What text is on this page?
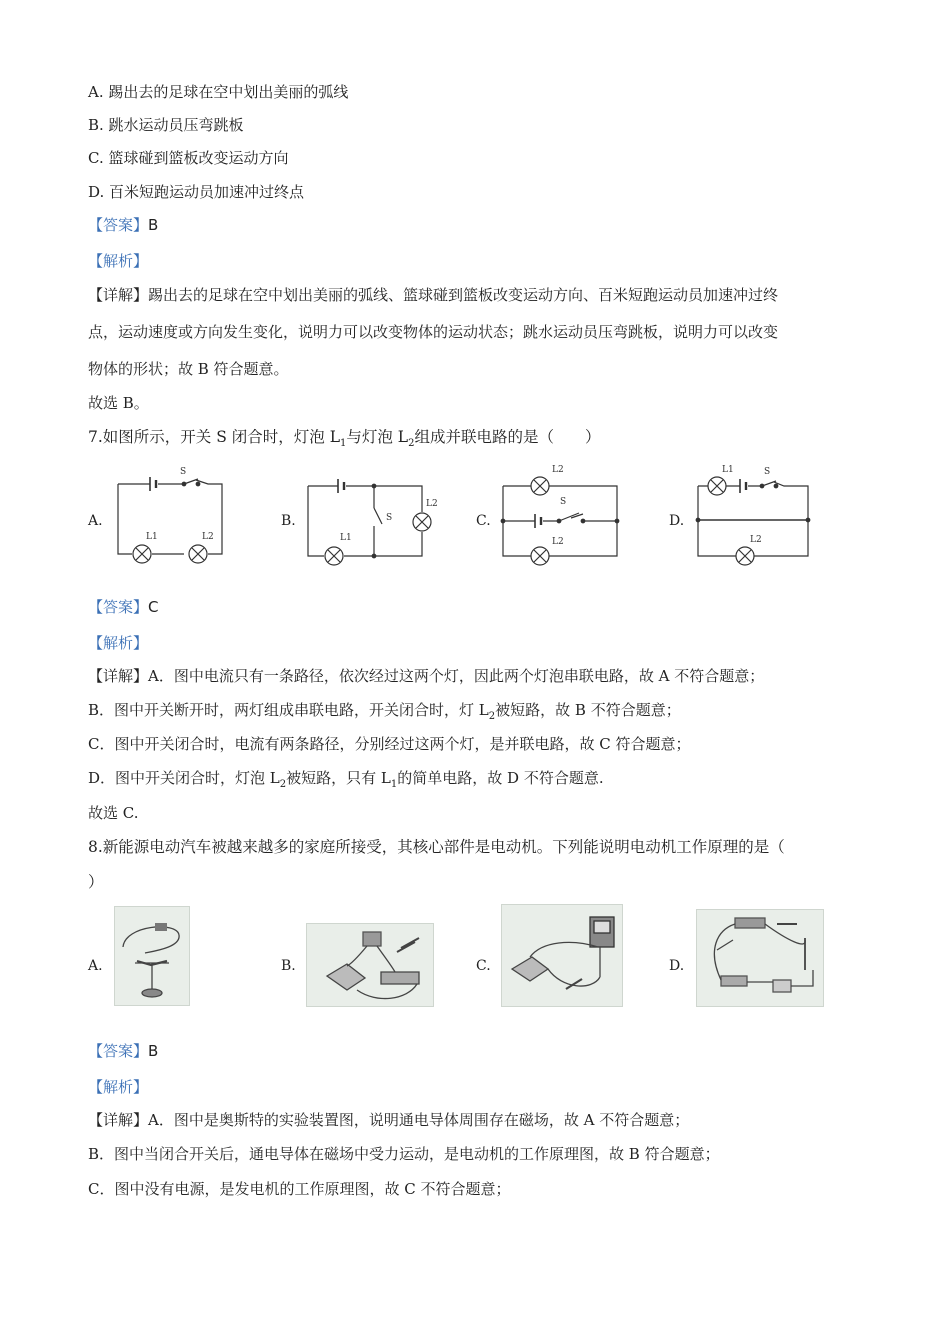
A. 踢出去的足球在空中划出美丽的弧线
B. 跳水运动员压弯跳板
C. 篮球碰到篮板改变运动方向
D. 百米短跑运动员加速冲过终点
【答案】B
【解析】
【详解】踢出去的足球在空中划出美丽的弧线、篮球碰到篮板改变运动方向、百米短跑运动员加速冲过终
点，运动速度或方向发生变化，说明力可以改变物体的运动状态；跳水运动员压弯跳板，说明力可以改变
物体的形状；故 B 符合题意。
故选 B。
7.如图所示，开关 S 闭合时，灯泡 $L_1$与灯泡 $L_2$组成并联电路的是（　　）
A.	B.	C.	D.
S
L1	L2
S
L1
L2	S
L2
L2
S
L1
L2
【答案】C
【解析】
【详解】A．图中电流只有一条路径，依次经过这两个灯，因此两个灯泡串联电路，故 A 不符合题意；
B．图中开关断开时，两灯组成串联电路，开关闭合时，灯 $L_2$被短路，故 B 不符合题意；
C．图中开关闭合时，电流有两条路径，分别经过这两个灯，是并联电路，故 C 符合题意；
D．图中开关闭合时，灯泡 $L_2$被短路，只有 $L_1$的简单电路，故 D 不符合题意.
故选 C.
8.新能源电动汽车被越来越多的家庭所接受，其核心部件是电动机。下列能说明电动机工作原理的是（
）
A.	B.	C.	D.
【答案】B
【解析】
【详解】A．图中是奥斯特的实验装置图，说明通电导体周围存在磁场，故 A 不符合题意；
B．图中当闭合开关后，通电导体在磁场中受力运动，是电动机的工作原理图，故 B 符合题意；
C．图中没有电源，是发电机的工作原理图，故 C 不符合题意；
